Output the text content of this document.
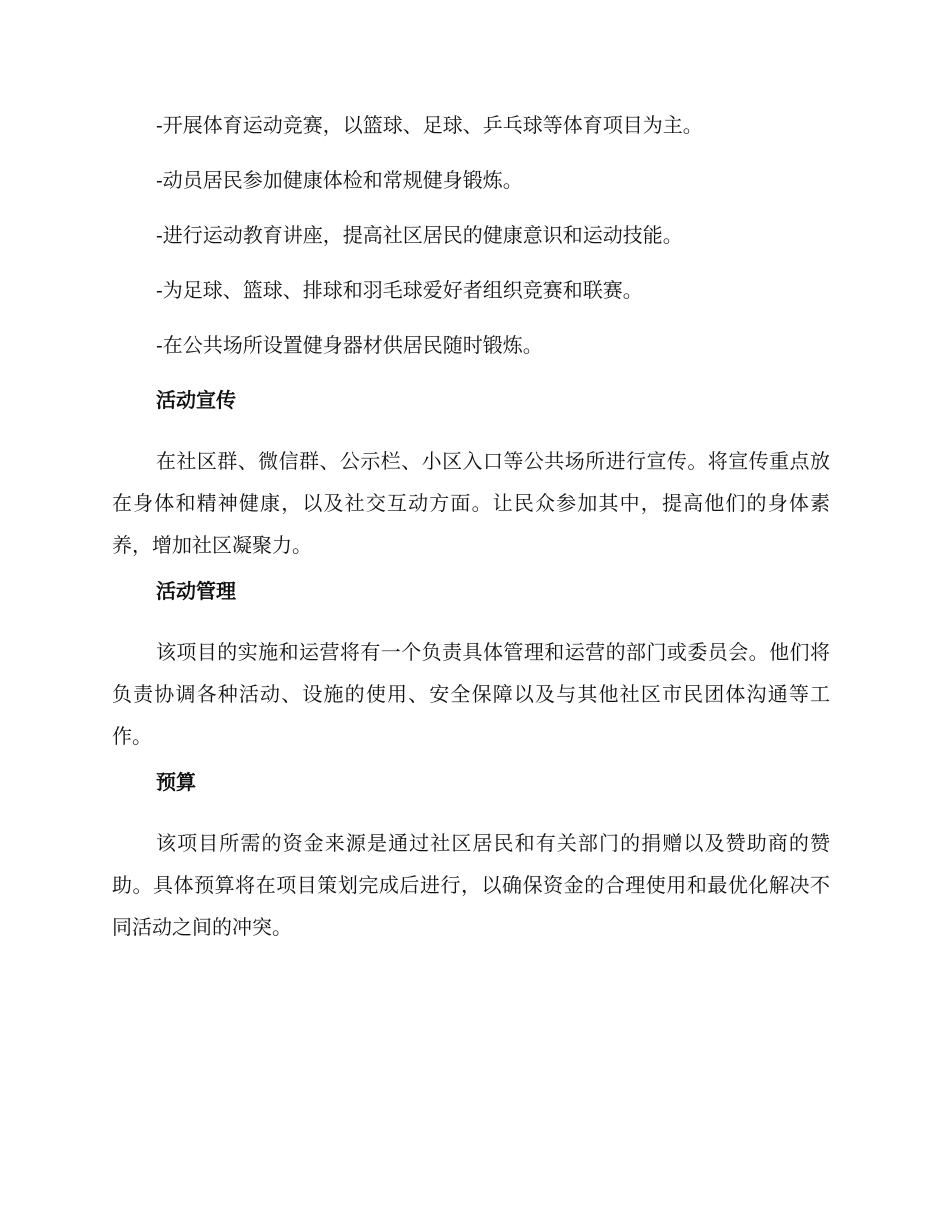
-开展体育运动竞赛，以篮球、足球、乒乓球等体育项目为主。
-动员居民参加健康体检和常规健身锻炼。
-进行运动教育讲座，提高社区居民的健康意识和运动技能。
-为足球、篮球、排球和羽毛球爱好者组织竞赛和联赛。
-在公共场所设置健身器材供居民随时锻炼。
活动宣传

在社区群、微信群、公示栏、小区入口等公共场所进行宣传。将宣传重点放在身体和精神健康，以及社交互动方面。让民众参加其中，提高他们的身体素养，增加社区凝聚力。

活动管理

该项目的实施和运营将有一个负责具体管理和运营的部门或委员会。他们将负责协调各种活动、设施的使用、安全保障以及与其他社区市民团体沟通等工作。

预算

该项目所需的资金来源是通过社区居民和有关部门的捐赠以及赞助商的赞助。具体预算将在项目策划完成后进行，以确保资金的合理使用和最优化解决不同活动之间的冲突。
